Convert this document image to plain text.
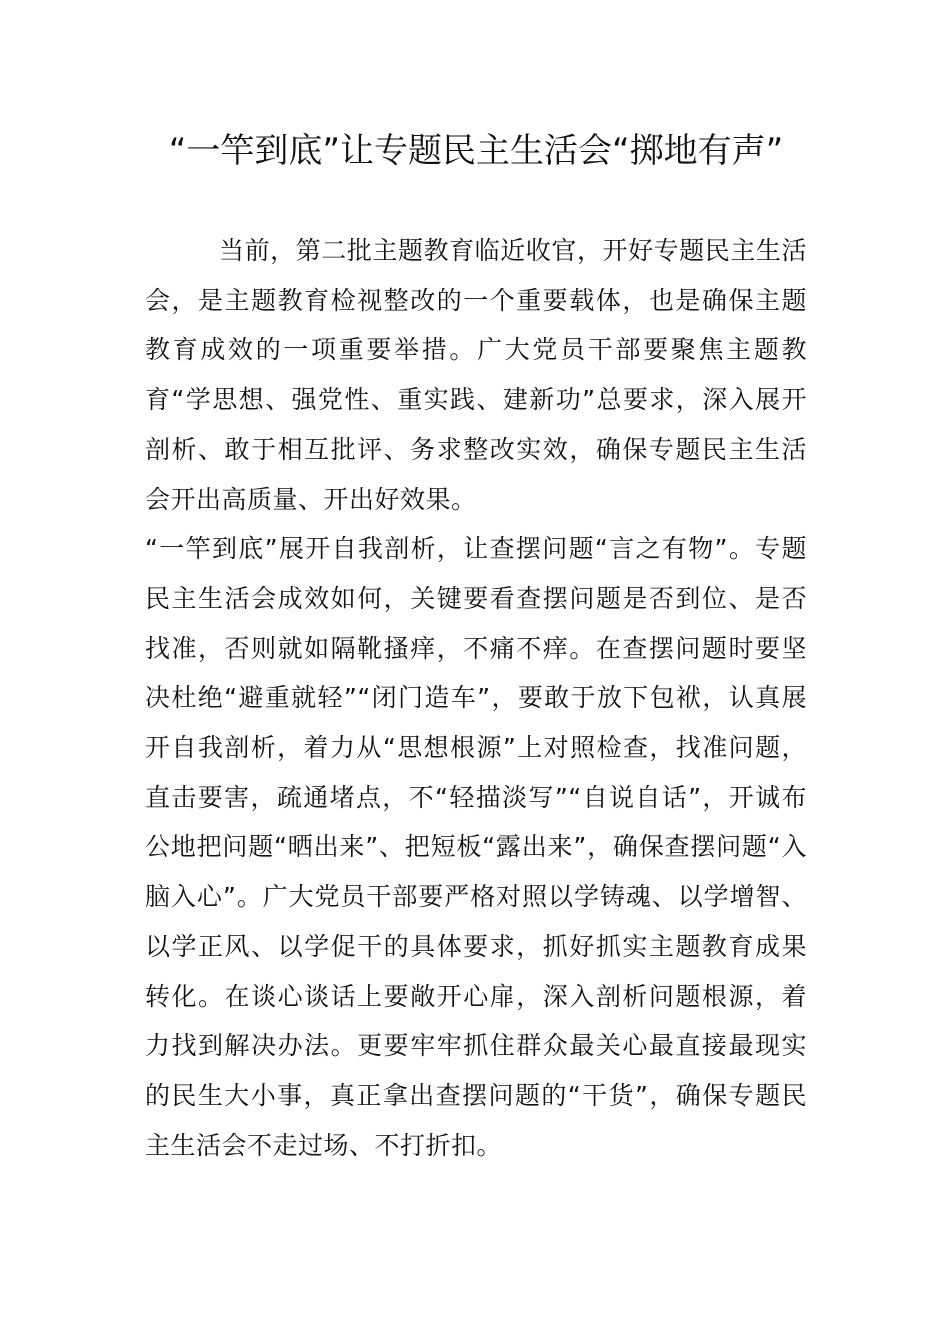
“一竿到底”让专题民主生活会“掷地有声”

当前，第二批主题教育临近收官，开好专题民主生活会，是主题教育检视整改的一个重要载体，也是确保主题教育成效的一项重要举措。广大党员干部要聚焦主题教育“学思想、强党性、重实践、建新功”总要求，深入展开剖析、敢于相互批评、务求整改实效，确保专题民主生活会开出高质量、开出好效果。

“一竿到底”展开自我剖析，让查摆问题“言之有物”。专题民主生活会成效如何，关键要看查摆问题是否到位、是否找准，否则就如隔靴搔痒，不痛不痒。在查摆问题时要坚决杜绝“避重就轻”“闭门造车”，要敢于放下包袱，认真展开自我剖析，着力从“思想根源”上对照检查，找准问题，直击要害，疏通堵点，不“轻描淡写”“自说自话”，开诚布公地把问题“晒出来”、把短板“露出来”，确保查摆问题“入脑入心”。广大党员干部要严格对照以学铸魂、以学增智、以学正风、以学促干的具体要求，抓好抓实主题教育成果转化。在谈心谈话上要敞开心扉，深入剖析问题根源，着力找到解决办法。更要牢牢抓住群众最关心最直接最现实的民生大小事，真正拿出查摆问题的“干货”，确保专题民主生活会不走过场、不打折扣。
